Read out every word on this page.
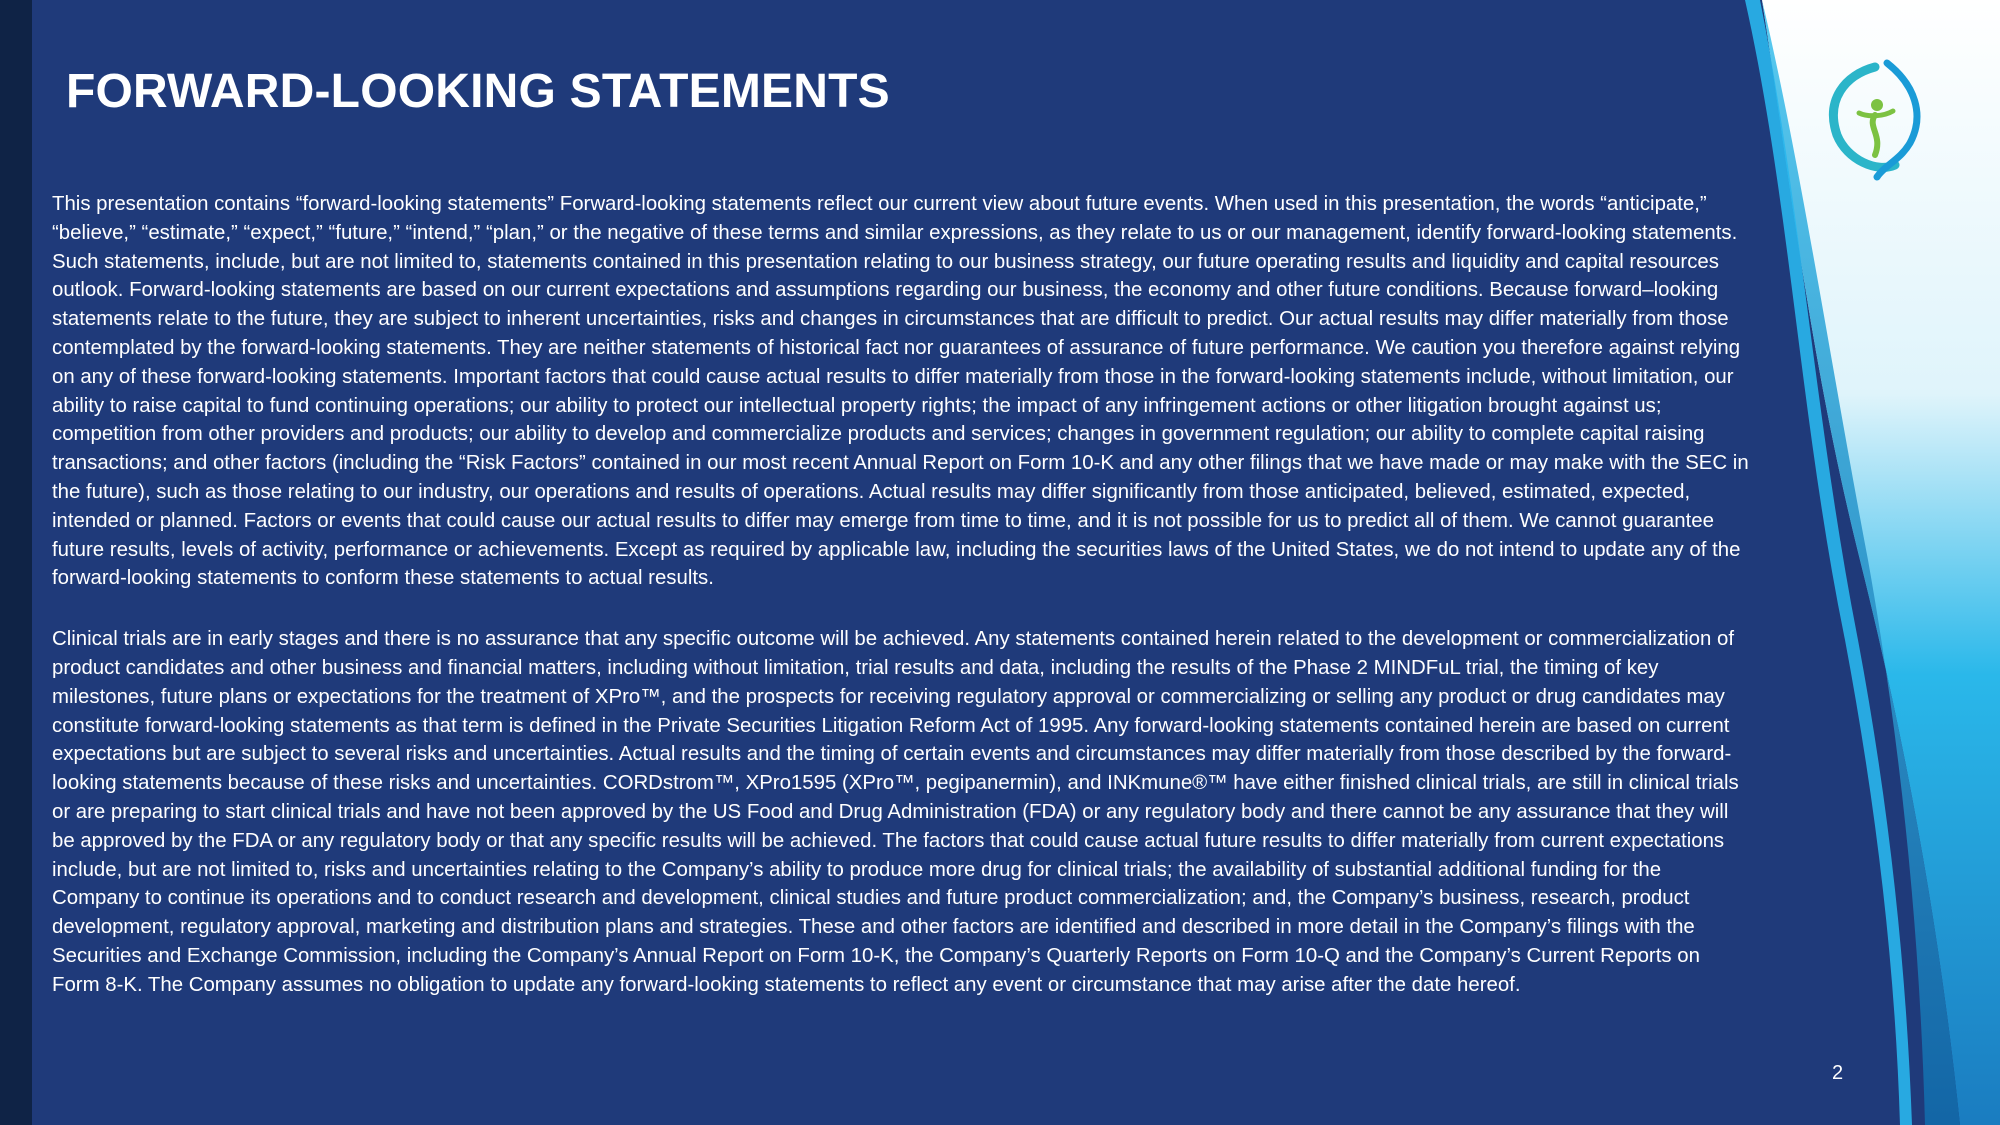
FORWARD-LOOKING STATEMENTS

This presentation contains “forward-looking statements” Forward-looking statements reflect our current view about future events. When used in this presentation, the words “anticipate,” “believe,” “estimate,” “expect,” “future,” “intend,” “plan,” or the negative of these terms and similar expressions, as they relate to us or our management, identify forward-looking statements. Such statements, include, but are not limited to, statements contained in this presentation relating to our business strategy, our future operating results and liquidity and capital resources outlook. Forward-looking statements are based on our current expectations and assumptions regarding our business, the economy and other future conditions. Because forward–looking statements relate to the future, they are subject to inherent uncertainties, risks and changes in circumstances that are difficult to predict. Our actual results may differ materially from those contemplated by the forward-looking statements. They are neither statements of historical fact nor guarantees of assurance of future performance. We caution you therefore against relying on any of these forward-looking statements. Important factors that could cause actual results to differ materially from those in the forward-looking statements include, without limitation, our ability to raise capital to fund continuing operations; our ability to protect our intellectual property rights; the impact of any infringement actions or other litigation brought against us; competition from other providers and products; our ability to develop and commercialize products and services; changes in government regulation; our ability to complete capital raising transactions; and other factors (including the “Risk Factors” contained in our most recent Annual Report on Form 10-K and any other filings that we have made or may make with the SEC in the future), such as those relating to our industry, our operations and results of operations. Actual results may differ significantly from those anticipated, believed, estimated, expected, intended or planned. Factors or events that could cause our actual results to differ may emerge from time to time, and it is not possible for us to predict all of them. We cannot guarantee future results, levels of activity, performance or achievements. Except as required by applicable law, including the securities laws of the United States, we do not intend to update any of the forward-looking statements to conform these statements to actual results.

Clinical trials are in early stages and there is no assurance that any specific outcome will be achieved. Any statements contained herein related to the development or commercialization of product candidates and other business and financial matters, including without limitation, trial results and data, including the results of the Phase 2 MINDFuL trial, the timing of key milestones, future plans or expectations for the treatment of XPro™, and the prospects for receiving regulatory approval or commercializing or selling any product or drug candidates may constitute forward-looking statements as that term is defined in the Private Securities Litigation Reform Act of 1995. Any forward-looking statements contained herein are based on current expectations but are subject to several risks and uncertainties. Actual results and the timing of certain events and circumstances may differ materially from those described by the forward-looking statements because of these risks and uncertainties. CORDstrom™, XPro1595 (XPro™, pegipanermin), and INKmune®™ have either finished clinical trials, are still in clinical trials or are preparing to start clinical trials and have not been approved by the US Food and Drug Administration (FDA) or any regulatory body and there cannot be any assurance that they will be approved by the FDA or any regulatory body or that any specific results will be achieved. The factors that could cause actual future results to differ materially from current expectations include, but are not limited to, risks and uncertainties relating to the Company’s ability to produce more drug for clinical trials; the availability of substantial additional funding for the Company to continue its operations and to conduct research and development, clinical studies and future product commercialization; and, the Company’s business, research, product development, regulatory approval, marketing and distribution plans and strategies. These and other factors are identified and described in more detail in the Company’s filings with the Securities and Exchange Commission, including the Company’s Annual Report on Form 10-K, the Company’s Quarterly Reports on Form 10-Q and the Company’s Current Reports on Form 8-K. The Company assumes no obligation to update any forward-looking statements to reflect any event or circumstance that may arise after the date hereof.

2
